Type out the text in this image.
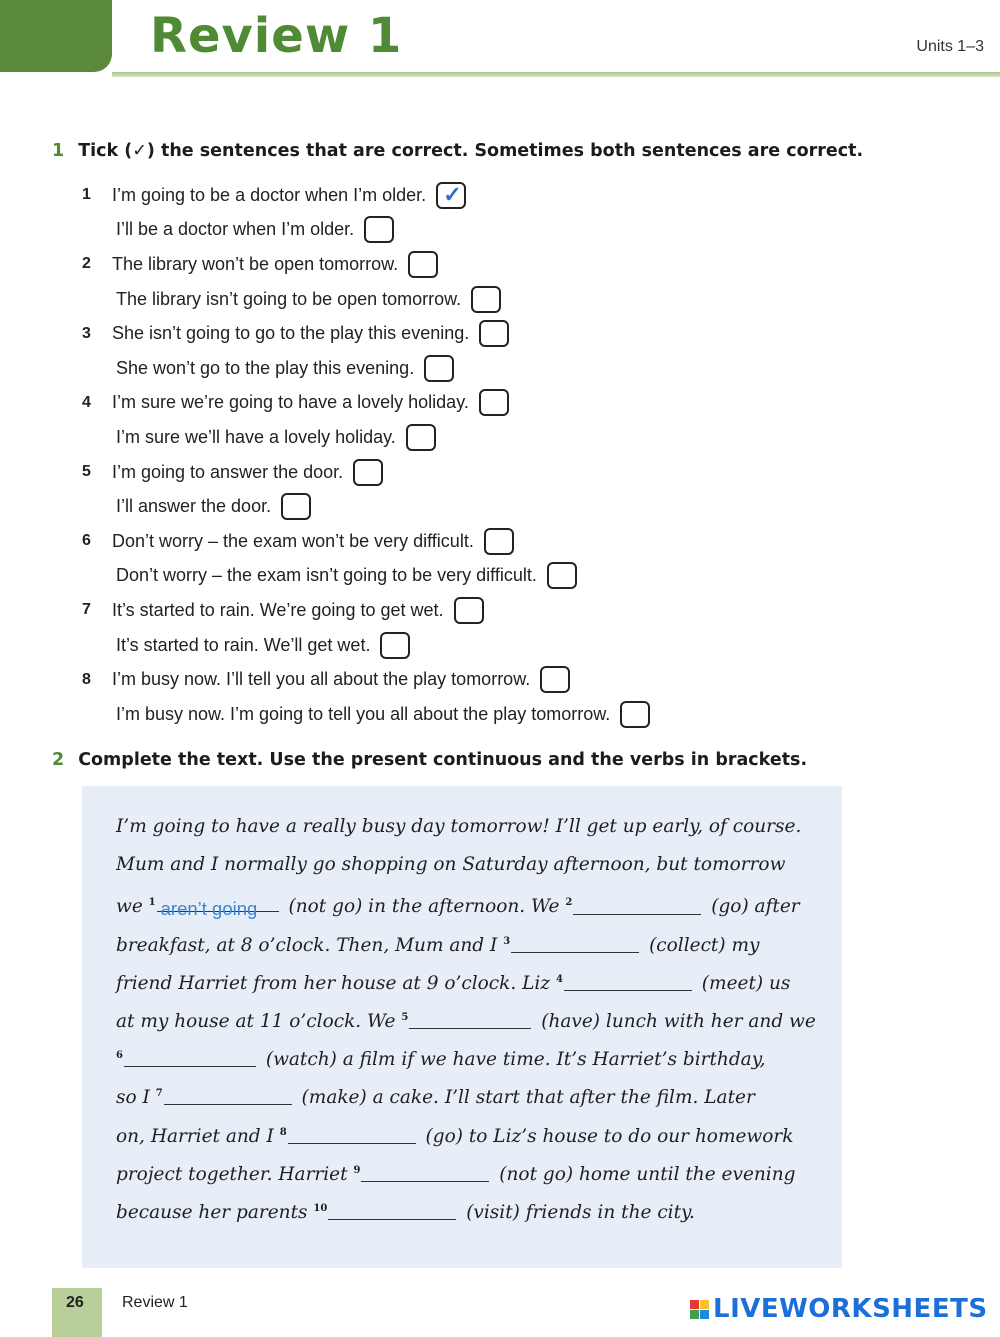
Review 1	Units 1–3
1 Tick (✓) the sentences that are correct. Sometimes both sentences are correct.
1	I’m going to be a doctor when I’m older.
✓
I’ll be a doctor when I’m older.
2	The library won’t be open tomorrow.
The library isn’t going to be open tomorrow.
3	She isn’t going to go to the play this evening.
She won’t go to the play this evening.
4	I’m sure we’re going to have a lovely holiday.
I’m sure we’ll have a lovely holiday.
5	I’m going to answer the door.
I’ll answer the door.
6	Don’t worry – the exam won’t be very difficult.
Don’t worry – the exam isn’t going to be very difficult.
7	It’s started to rain. We’re going to get wet.
It’s started to rain. We’ll get wet.
8	I’m busy now. I’ll tell you all about the play tomorrow.
I’m busy now. I’m going to tell you all about the play tomorrow.
2 Complete the text. Use the present continuous and the verbs in brackets.
I’m going to have a really busy day tomorrow! I’ll get up early, of course.
Mum and I normally go shopping on Saturday afternoon, but tomorrow
we $^1$ aren’t going (not go) in the afternoon. We $^2$	(go) after
breakfast, at 8 o’clock. Then, Mum and I $^3$	(collect) my
friend Harriet from her house at 9 o’clock. Liz $^4$	(meet) us
at my house at 11 o’clock. We $^5$	(have) lunch with her and we
$^6$	(watch) a film if we have time. It’s Harriet’s birthday,
so I $^7$	(make) a cake. I’ll start that after the film. Later
on, Harriet and I $^8$	(go) to Liz’s house to do our homework
project together. Harriet $^9$	(not go) home until the evening
because her parents $^{10}$	(visit) friends in the city.
26 Review 1	LIVEWORKSHEETS
